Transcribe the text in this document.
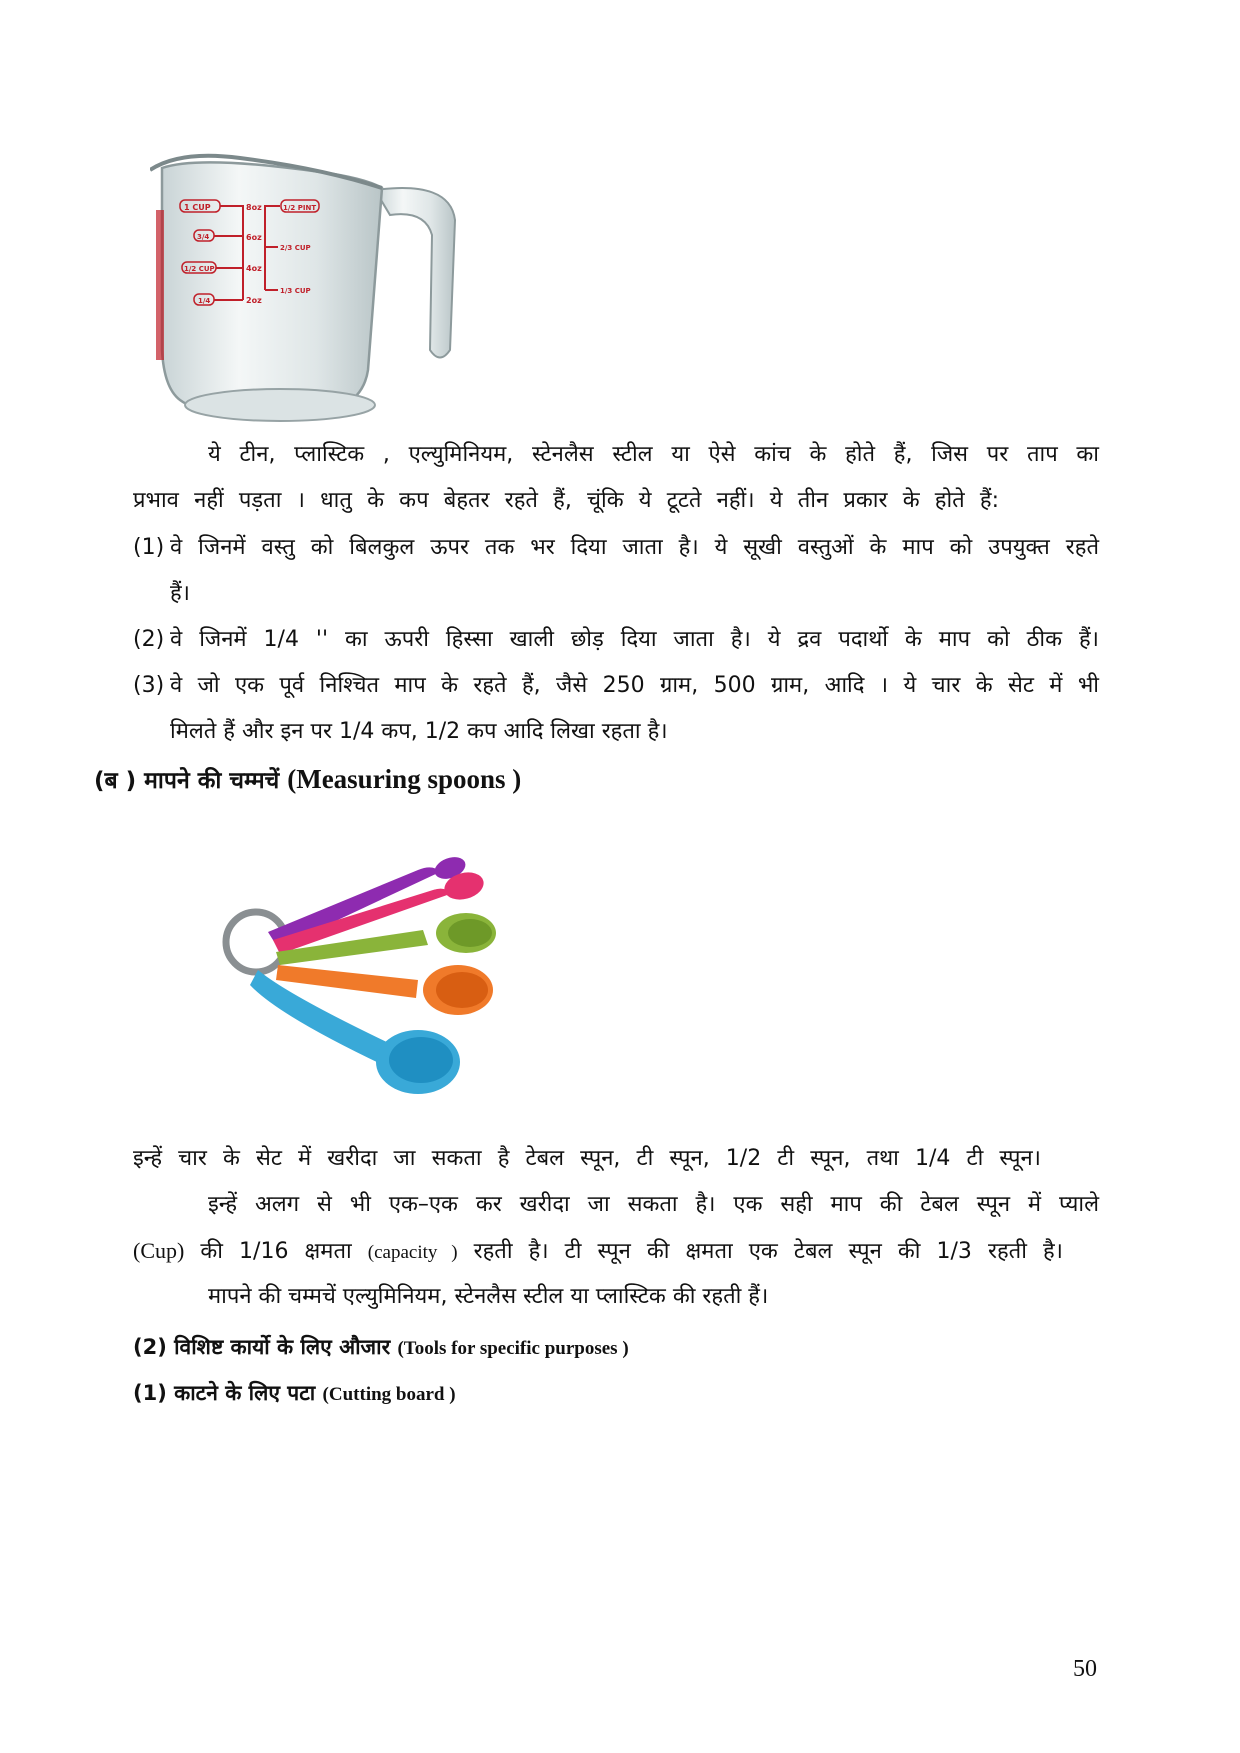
1 CUP
3/4
1/2 CUP
1/4
8oz
6oz
4oz
2oz
1/2 PINT
2/3 CUP
1/3 CUP
ये टीन, प्लास्टिक , एल्युमिनियम, स्टेनलैस स्टील या ऐसे कांच के होते हैं, जिस पर ताप का
प्रभाव नहीं पड़ता । धातु के कप बेहतर रहते हैं, चूंकि ये टूटते नहीं। ये तीन प्रकार के होते हैं:
(1) वे जिनमें वस्तु को बिलकुल ऊपर तक भर दिया जाता है। ये सूखी वस्तुओं के माप को उपयुक्त रहते
हैं।
(2) वे जिनमें 1/4 '' का ऊपरी हिस्सा खाली छोड़ दिया जाता है। ये द्रव पदार्थो के माप को ठीक हैं।
(3) वे जो एक पूर्व निश्चित माप के रहते हैं, जैसे 250 ग्राम, 500 ग्राम, आदि । ये चार के सेट में भी
मिलते हैं और इन पर 1/4 कप, 1/2 कप आदि लिखा रहता है।
(ब ) मापने की चम्मचें (Measuring spoons )
इन्हें चार के सेट में खरीदा जा सकता है टेबल स्पून, टी स्पून, 1/2 टी स्पून, तथा 1/4 टी स्पून।
इन्हें अलग से भी एक–एक कर खरीदा जा सकता है। एक सही माप की टेबल स्पून में प्याले
(Cup) की 1/16 क्षमता (capacity ) रहती है। टी स्पून की क्षमता एक टेबल स्पून की 1/3 रहती है।
मापने की चम्मचें एल्युमिनियम, स्टेनलैस स्टील या प्लास्टिक की रहती हैं।
(2) विशिष्ट कार्यो के लिए औजार (Tools for specific purposes )
(1) काटने के लिए पटा (Cutting board )
50
